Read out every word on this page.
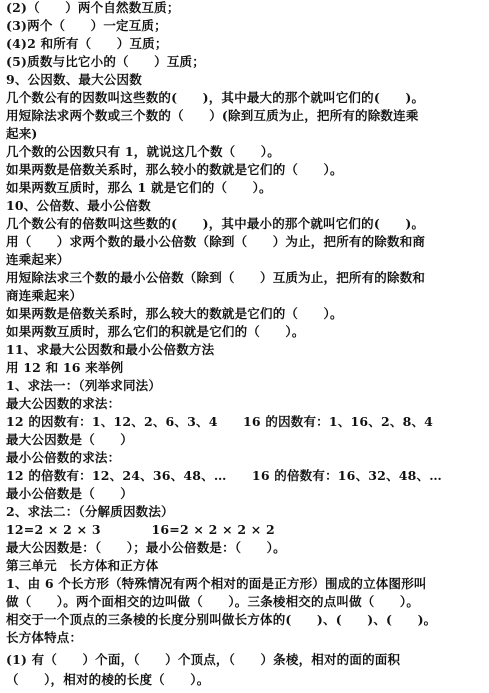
(2)（　　）两个自然数互质；
(3)两个（　　）一定互质；
(4)2 和所有（　　）互质；
(5)质数与比它小的（　　）互质；
9、公因数、最大公因数
几个数公有的因数叫这些数的(　　)，其中最大的那个就叫它们的(　　)。
用短除法求两个数或三个数的（　　）(除到互质为止，把所有的除数连乘
起来)
几个数的公因数只有 1，就说这几个数（　　）。
如果两数是倍数关系时，那么较小的数就是它们的（　　）。
如果两数互质时，那么 1 就是它们的（　　）。
10、公倍数、最小公倍数
几个数公有的倍数叫这些数的(　　)，其中最小的那个就叫它们的(　　)。
用（　　）求两个数的最小公倍数（除到（　　）为止，把所有的除数和商
连乘起来）
用短除法求三个数的最小公倍数（除到（　　）互质为止，把所有的除数和
商连乘起来）
如果两数是倍数关系时，那么较大的数就是它们的（　　）。
如果两数互质时，那么它们的积就是它们的（　　）。
11、求最大公因数和最小公倍数方法
用 12 和 16 来举例
1、求法一：（列举求同法）
最大公因数的求法：
12 的因数有：1、12、2、6、3、4　　16 的因数有：1、16、2、8、4
最大公因数是（　　）
最小公倍数的求法：
12 的倍数有：12、24、36、48、…　　16 的倍数有：16、32、48、…
最小公倍数是（　　）
2、求法二：（分解质因数法）
12=2 × 2 × 3　　　　16=2 × 2 × 2 × 2
最大公因数是：（　　）；最小公倍数是：（　　）。
第三单元　长方体和正方体
1、由 6 个长方形（特殊情况有两个相对的面是正方形）围成的立体图形叫
做（　　）。两个面相交的边叫做（　　）。三条棱相交的点叫做（　　）。
相交于一个顶点的三条棱的长度分别叫做长方体的(　　)、(　　)、(　　)。
长方体特点：
(1) 有（　　）个面，（　　）个顶点，（　　）条棱，相对的面的面积
（　　），相对的棱的长度（　　）。
